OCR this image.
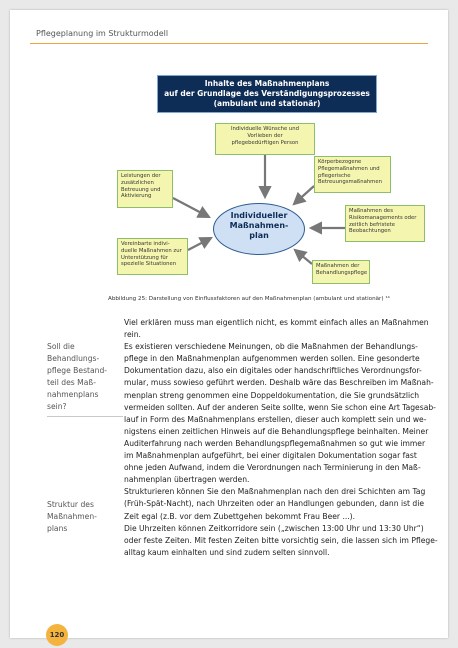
Pflegeplanung im Strukturmodell
Inhalte des Maßnahmenplans
auf der Grundlage des Verständigungsprozesses
(ambulant und stationär)
Individuelle Wünsche und
Vorlieben der
pflegebedürftigen Person
Leistungen der
zusätzlichen
Betreuung und
Aktivierung
Vereinbarte indivi-
duelle Maßnahmen zur
Unterstützung für
spezielle Situationen
Körperbezogene
Pflegemaßnahmen und
pflegerische
Betreuungsmaßnahmen
Maßnahmen des
Risikomanagements oder
zeitlich befristete
Beobachtungen
Maßnahmen der
Behandlungspflege
Individueller
Maßnahmen-
plan
Abbildung 25: Darstellung von Einflussfaktoren auf den Maßnahmenplan (ambulant und stationär) ¹⁴
Soll die
Behandlungs-
pflege Bestand-
teil des Maß-
nahmenplans
sein?
Struktur des
Maßnahmen-
plans

Viel erklären muss man eigentlich nicht, es kommt einfach alles an Maßnahmen

rein.

Es existieren verschiedene Meinungen, ob die Maßnahmen der Behandlungs-

pflege in den Maßnahmenplan aufgenommen werden sollen. Eine gesonderte

Dokumentation dazu, also ein digitales oder handschriftliches Verordnungsfor-

mular, muss sowieso geführt werden. Deshalb wäre das Beschreiben im Maßnah-

menplan streng genommen eine Doppeldokumentation, die Sie grundsätzlich

vermeiden sollten. Auf der anderen Seite sollte, wenn Sie schon eine Art Tagesab-

lauf in Form des Maßnahmenplans erstellen, dieser auch komplett sein und we-

nigstens einen zeitlichen Hinweis auf die Behandlungspflege beinhalten. Meiner

Auditerfahrung nach werden Behandlungspflegemaßnahmen so gut wie immer

im Maßnahmenplan aufgeführt, bei einer digitalen Dokumentation sogar fast

ohne jeden Aufwand, indem die Verordnungen nach Terminierung in den Maß-

nahmenplan übertragen werden.

Strukturieren können Sie den Maßnahmenplan nach den drei Schichten am Tag

(Früh-Spät-Nacht), nach Uhrzeiten oder an Handlungen gebunden, dann ist die

Zeit egal (z.B. vor dem Zubettgehen bekommt Frau Beer ...).

Die Uhrzeiten können Zeitkorridore sein („zwischen 13:00 Uhr und 13:30 Uhr“)

oder feste Zeiten. Mit festen Zeiten bitte vorsichtig sein, die lassen sich im Pflege-

alltag kaum einhalten und sind zudem selten sinnvoll.

120
